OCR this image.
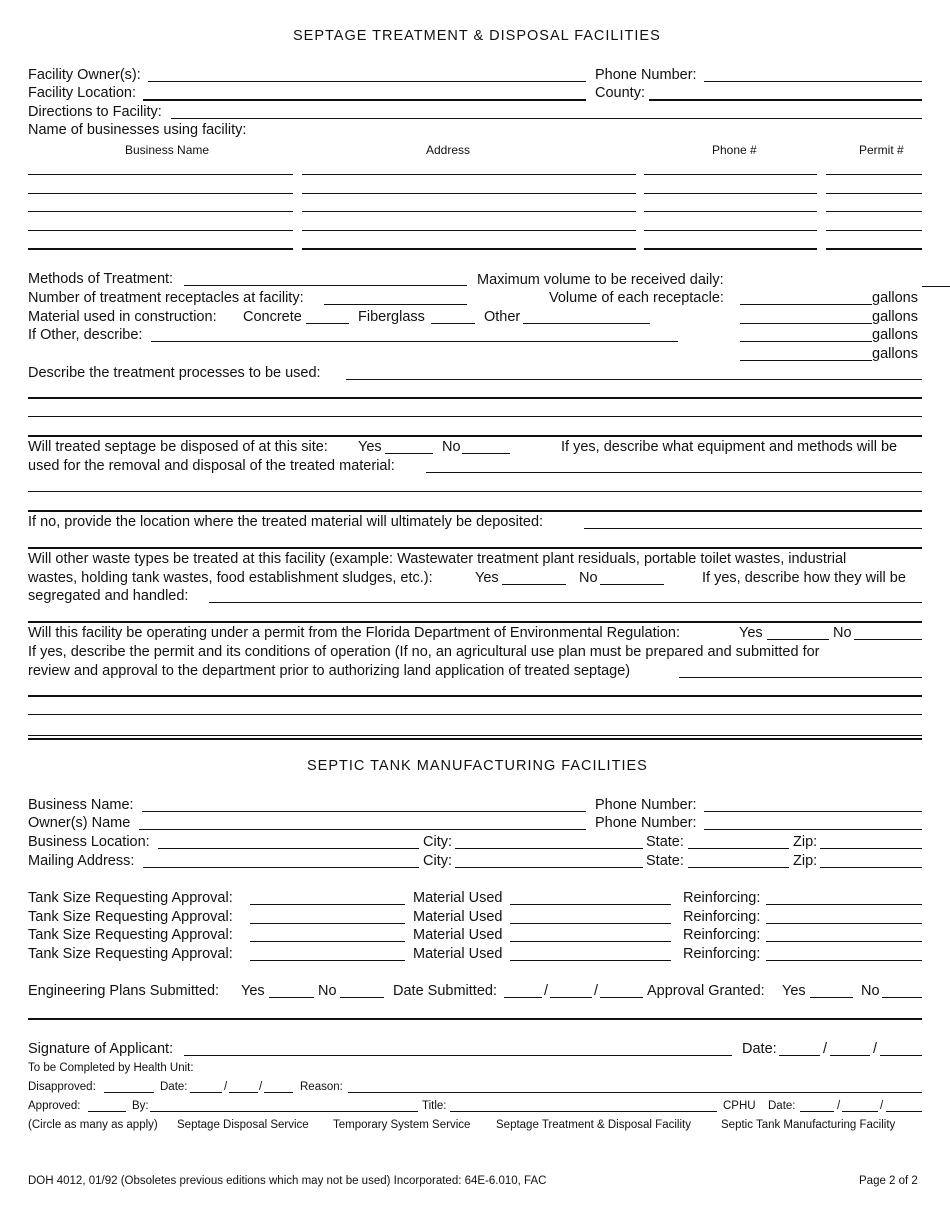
SEPTAGE TREATMENT & DISPOSAL FACILITIES
Facility Owner(s):	Phone Number:
Facility Location:	County:
Directions to Facility:
Name of businesses using facility:
Business Name	Address	Phone #	Permit #
Methods of Treatment:	Maximum volume to be received daily:
Number of treatment receptacles at facility:	Volume of each receptacle:	gallons
Material used in construction: Concrete	Fiberglass	Other	gallons
If Other, describe:	gallons
gallons
Describe the treatment processes to be used:
Will treated septage be disposed of at this site: Yes	No	If yes, describe what equipment and methods will be
used for the removal and disposal of the treated material:
If no, provide the location where the treated material will ultimately be deposited:
Will other waste types be treated at this facility (example: Wastewater treatment plant residuals, portable toilet wastes, industrial
wastes, holding tank wastes, food establishment sludges, etc.):	Yes	No	If yes, describe how they will be
segregated and handled:
Will this facility be operating under a permit from the Florida Department of Environmental Regulation:	Yes	No
If yes, describe the permit and its conditions of operation (If no, an agricultural use plan must be prepared and submitted for
review and approval to the department prior to authorizing land application of treated septage)
SEPTIC TANK MANUFACTURING FACILITIES
Business Name:	Phone Number:
Owner(s) Name	Phone Number:
Business Location:	City:	State:	Zip:
Mailing Address:	City:	State:	Zip:
Tank Size Requesting Approval:	Material Used	Reinforcing:
Tank Size Requesting Approval:	Material Used	Reinforcing:
Tank Size Requesting Approval:	Material Used	Reinforcing:
Tank Size Requesting Approval:	Material Used	Reinforcing:
Engineering Plans Submitted: Yes	No	Date Submitted:	/	/	Approval Granted: Yes	No
Signature of Applicant:	Date:	/	/
To be Completed by Health Unit:
Disapproved:	Date:	/	/	Reason:
Approved:	By:	Title:	CPHU Date:	/	/
(Circle as many as apply) Septage Disposal Service Temporary System Service Septage Treatment & Disposal Facility	Septic Tank Manufacturing Facility
DOH 4012, 01/92 (Obsoletes previous editions which may not be used) Incorporated: 64E-6.010, FAC	Page 2 of 2
